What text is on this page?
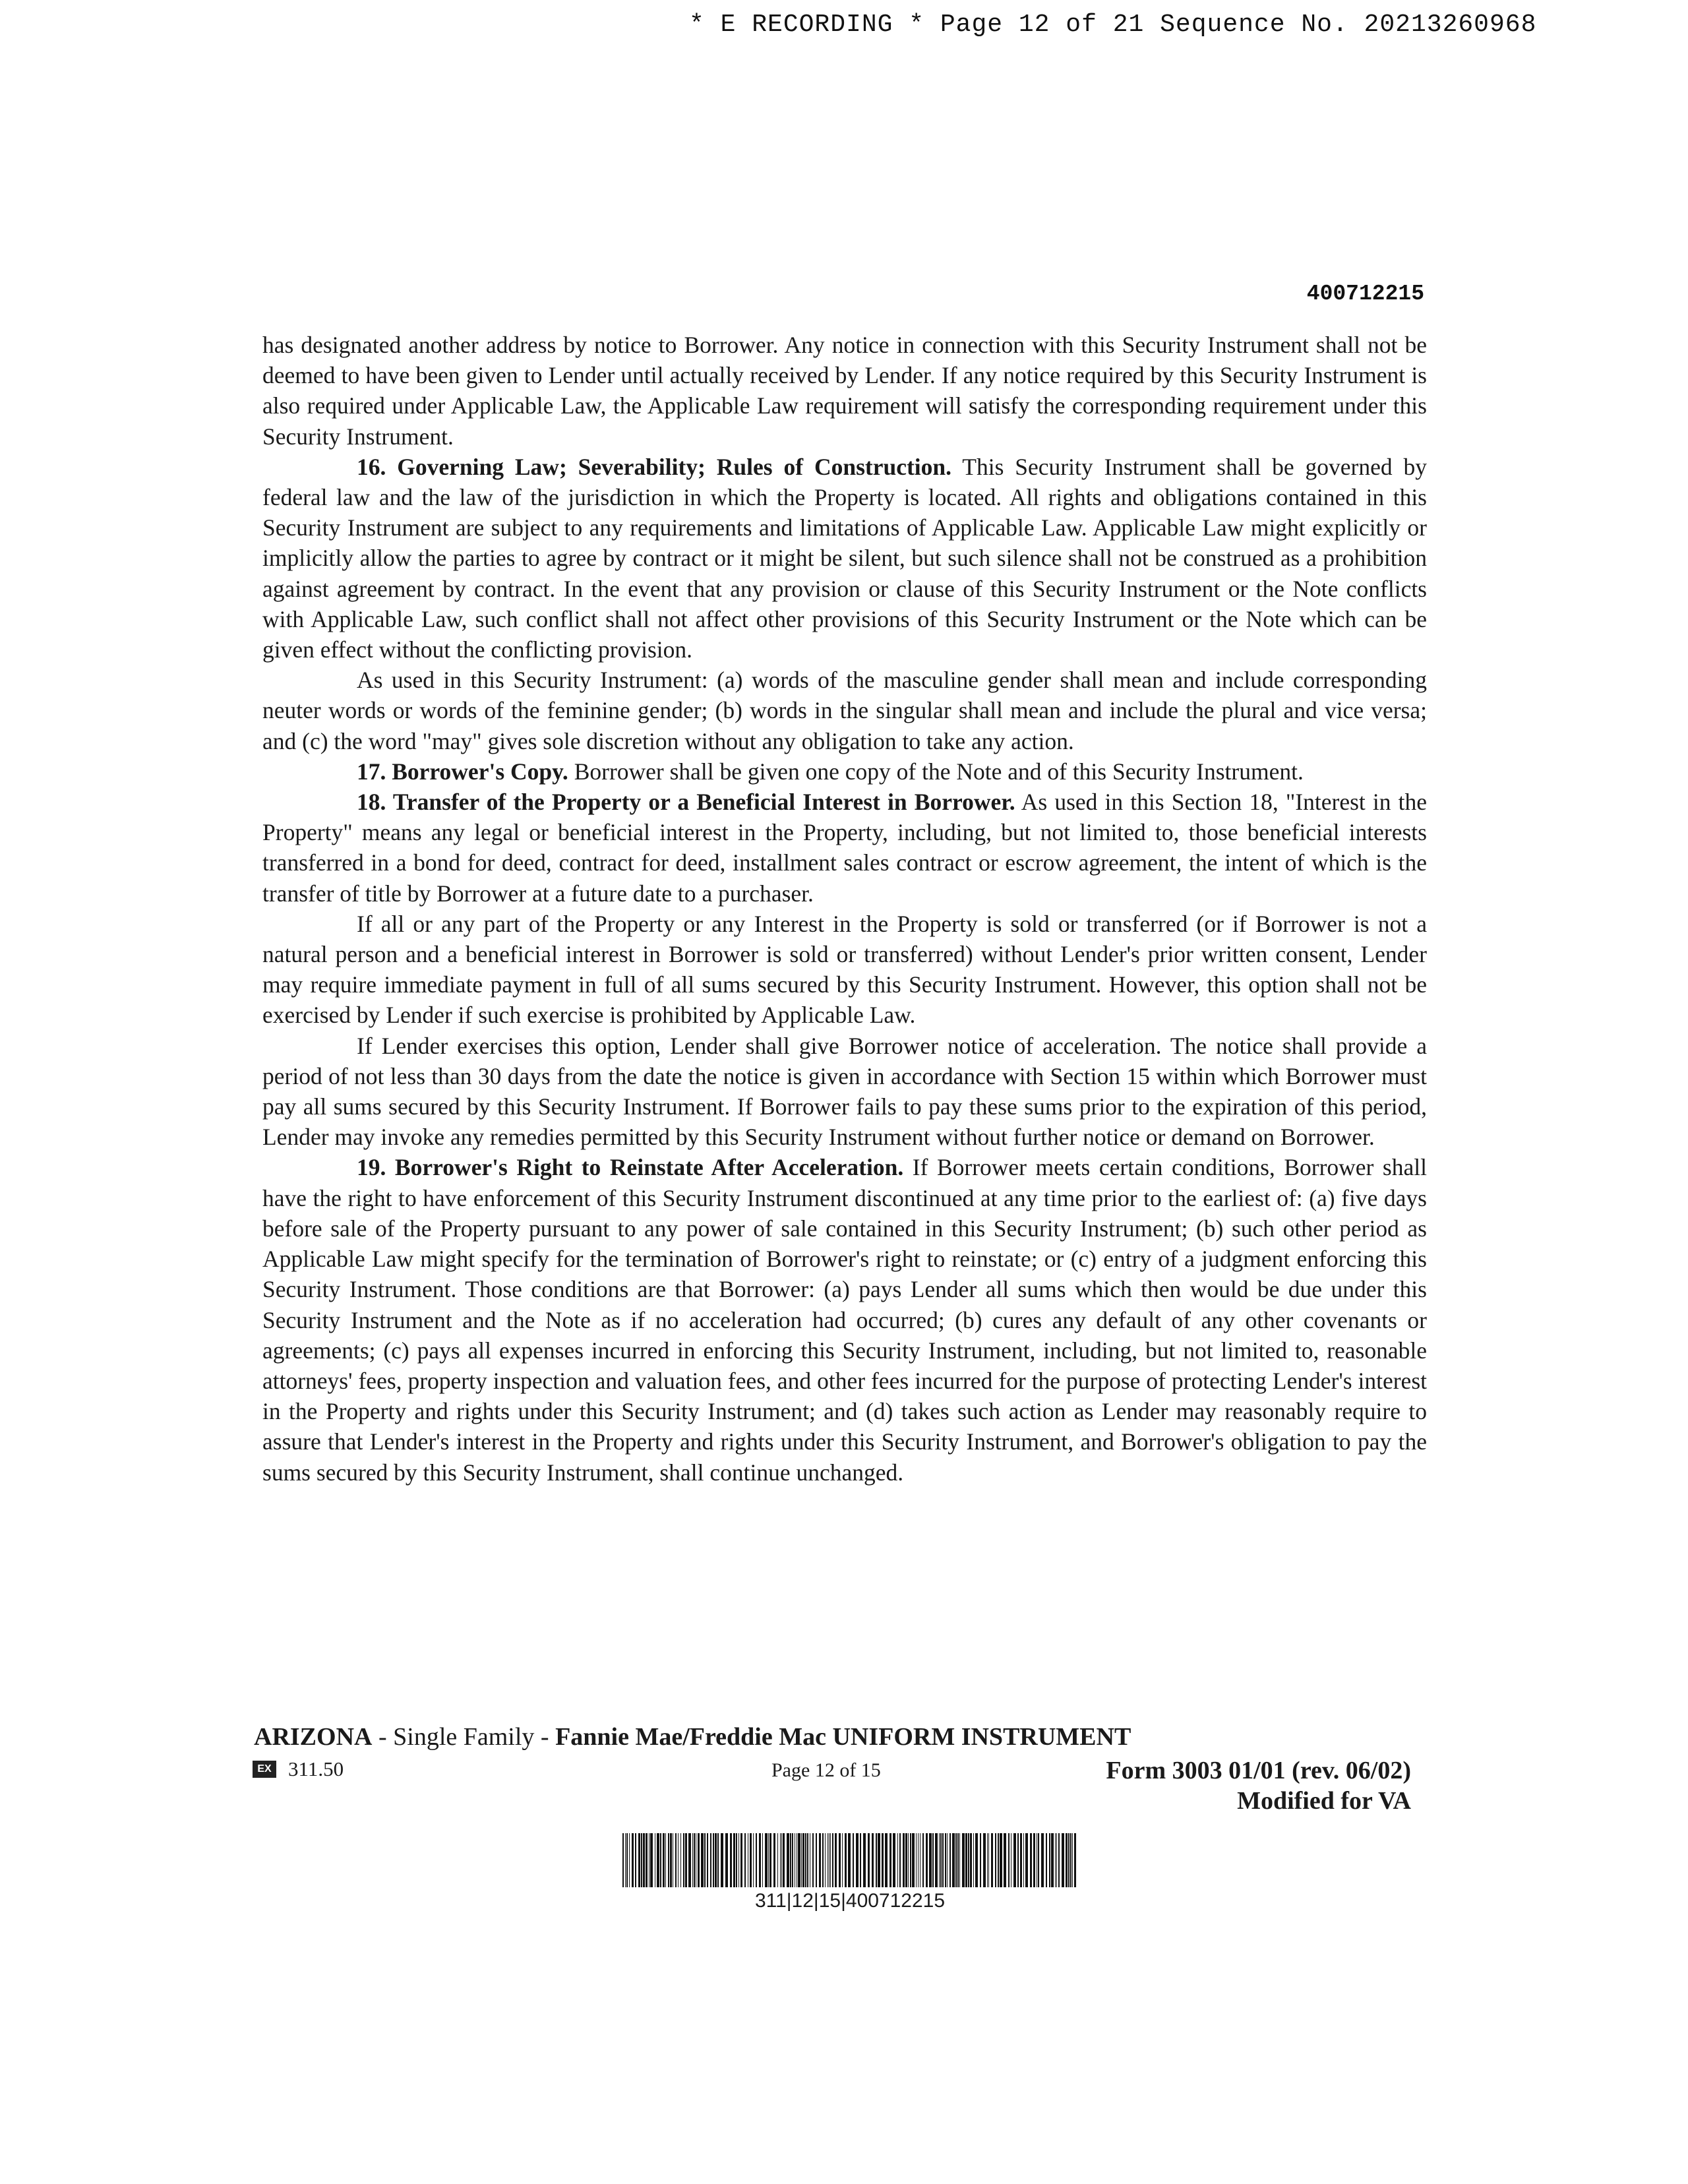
* E RECORDING * Page 12 of 21 Sequence No. 20213260968
400712215

has designated another address by notice to Borrower. Any notice in connection with this Security Instrument shall not be deemed to have been given to Lender until actually received by Lender. If any notice required by this Security Instrument is also required under Applicable Law, the Applicable Law requirement will satisfy the corresponding requirement under this Security Instrument.

16. Governing Law; Severability; Rules of Construction. This Security Instrument shall be governed by federal law and the law of the jurisdiction in which the Property is located. All rights and obligations contained in this Security Instrument are subject to any requirements and limitations of Applicable Law. Applicable Law might explicitly or implicitly allow the parties to agree by contract or it might be silent, but such silence shall not be construed as a prohibition against agreement by contract. In the event that any provision or clause of this Security Instrument or the Note conflicts with Applicable Law, such conflict shall not affect other provisions of this Security Instrument or the Note which can be given effect without the conflicting provision.

As used in this Security Instrument: (a) words of the masculine gender shall mean and include corresponding neuter words or words of the feminine gender; (b) words in the singular shall mean and include the plural and vice versa; and (c) the word "may" gives sole discretion without any obligation to take any action.

17. Borrower's Copy. Borrower shall be given one copy of the Note and of this Security Instrument.

18. Transfer of the Property or a Beneficial Interest in Borrower. As used in this Section 18, "Interest in the Property" means any legal or beneficial interest in the Property, including, but not limited to, those beneficial interests transferred in a bond for deed, contract for deed, installment sales contract or escrow agreement, the intent of which is the transfer of title by Borrower at a future date to a purchaser.

If all or any part of the Property or any Interest in the Property is sold or transferred (or if Borrower is not a natural person and a beneficial interest in Borrower is sold or transferred) without Lender's prior written consent, Lender may require immediate payment in full of all sums secured by this Security Instrument. However, this option shall not be exercised by Lender if such exercise is prohibited by Applicable Law.

If Lender exercises this option, Lender shall give Borrower notice of acceleration. The notice shall provide a period of not less than 30 days from the date the notice is given in accordance with Section 15 within which Borrower must pay all sums secured by this Security Instrument. If Borrower fails to pay these sums prior to the expiration of this period, Lender may invoke any remedies permitted by this Security Instrument without further notice or demand on Borrower.

19. Borrower's Right to Reinstate After Acceleration. If Borrower meets certain conditions, Borrower shall have the right to have enforcement of this Security Instrument discontinued at any time prior to the earliest of: (a) five days before sale of the Property pursuant to any power of sale contained in this Security Instrument; (b) such other period as Applicable Law might specify for the termination of Borrower's right to reinstate; or (c) entry of a judgment enforcing this Security Instrument. Those conditions are that Borrower: (a) pays Lender all sums which then would be due under this Security Instrument and the Note as if no acceleration had occurred; (b) cures any default of any other covenants or agreements; (c) pays all expenses incurred in enforcing this Security Instrument, including, but not limited to, reasonable attorneys' fees, property inspection and valuation fees, and other fees incurred for the purpose of protecting Lender's interest in the Property and rights under this Security Instrument; and (d) takes such action as Lender may reasonably require to assure that Lender's interest in the Property and rights under this Security Instrument, and Borrower's obligation to pay the sums secured by this Security Instrument, shall continue unchanged.

ARIZONA - Single Family - Fannie Mae/Freddie Mac UNIFORM INSTRUMENT
EX 311.50	Page 12 of 15	Form 3003 01/01 (rev. 06/02)
Modified for VA
311|12|15|400712215
